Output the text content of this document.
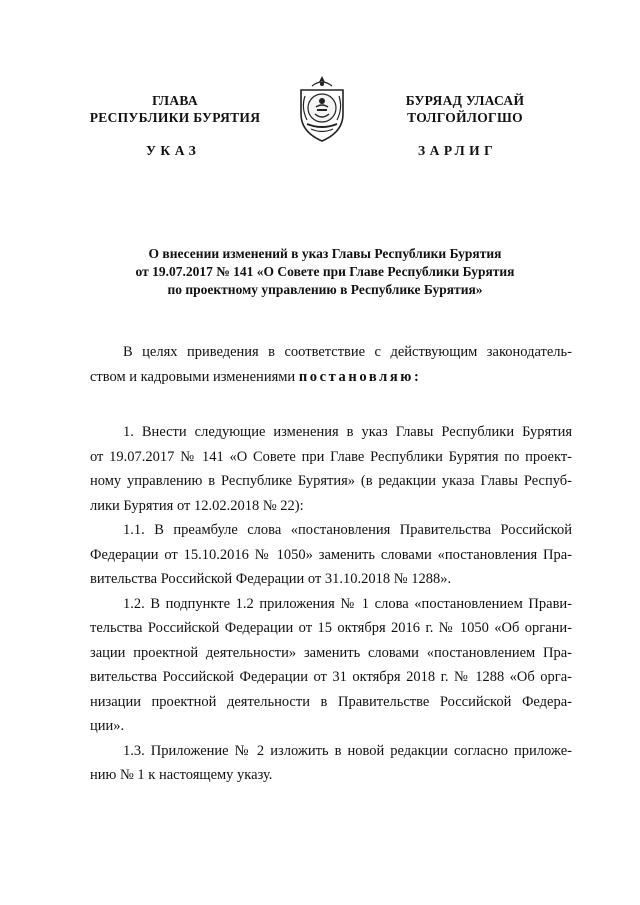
ГЛАВА
РЕСПУБЛИКИ БУРЯТИЯ
УКАЗ
БУРЯАД УЛАСАЙ
ТОЛГОЙЛОГШО
ЗАРЛИГ
О внесении изменений в указ Главы Республики Бурятия
от 19.07.2017 № 141 «О Совете при Главе Республики Бурятия
по проектному управлению в Республике Бурятия»
В целях приведения в соответствие с действующим законодатель-
ством и кадровыми изменениями постановляю:
1. Внести следующие изменения в указ Главы Республики Бурятия
от 19.07.2017 № 141 «О Совете при Главе Республики Бурятия по проект-
ному управлению в Республике Бурятия» (в редакции указа Главы Респуб-
лики Бурятия от 12.02.2018 № 22):
1.1. В преамбуле слова «постановления Правительства Российской
Федерации от 15.10.2016 № 1050» заменить словами «постановления Пра-
вительства Российской Федерации от 31.10.2018 № 1288».
1.2. В подпункте 1.2 приложения № 1 слова «постановлением Прави-
тельства Российской Федерации от 15 октября 2016 г. № 1050 «Об органи-
зации проектной деятельности» заменить словами «постановлением Пра-
вительства Российской Федерации от 31 октября 2018 г. № 1288 «Об орга-
низации проектной деятельности в Правительстве Российской Федера-
ции».
1.3. Приложение № 2 изложить в новой редакции согласно приложе-
нию № 1 к настоящему указу.
